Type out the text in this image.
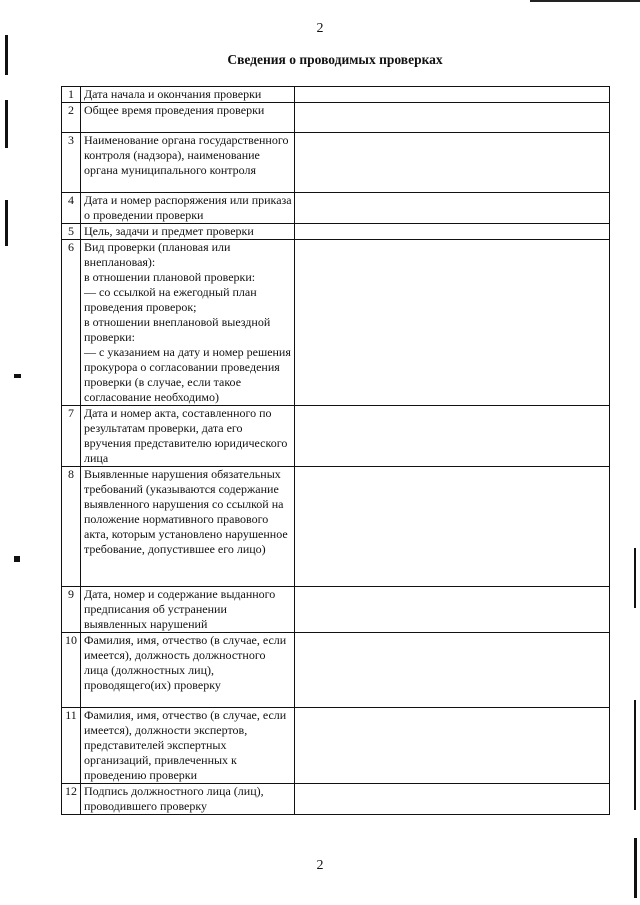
2
Сведения о проводимых проверках
1	Дата начала и окончания проверки	
2	Общее время проведения проверки	
3	Наименование органа государственного контроля (надзора), наименование органа муниципального контроля	
4	Дата и номер распоряжения или приказа о проведении проверки	
5	Цель, задачи и предмет проверки	
6	Вид проверки (плановая или внеплановая):
в отношении плановой проверки:
— со ссылкой на ежегодный план проведения проверок;
в отношении внеплановой выездной проверки:
— с указанием на дату и номер решения прокурора о согласовании проведения проверки (в случае, если такое согласование необходимо)	
7	Дата и номер акта, составленного по результатам проверки, дата его вручения представителю юридического лица	
8	Выявленные нарушения обязательных требований (указываются содержание выявленного нарушения со ссылкой на положение нормативного правового акта, которым установлено нарушенное требование, допустившее его лицо)	
9	Дата, номер и содержание выданного предписания об устранении выявленных нарушений	
10	Фамилия, имя, отчество (в случае, если имеется), должность должностного лица (должностных лиц), проводящего(их) проверку	
11	Фамилия, имя, отчество (в случае, если имеется), должности экспертов, представителей экспертных организаций, привлеченных к проведению проверки	
12	Подпись должностного лица (лиц), проводившего проверку	
2
